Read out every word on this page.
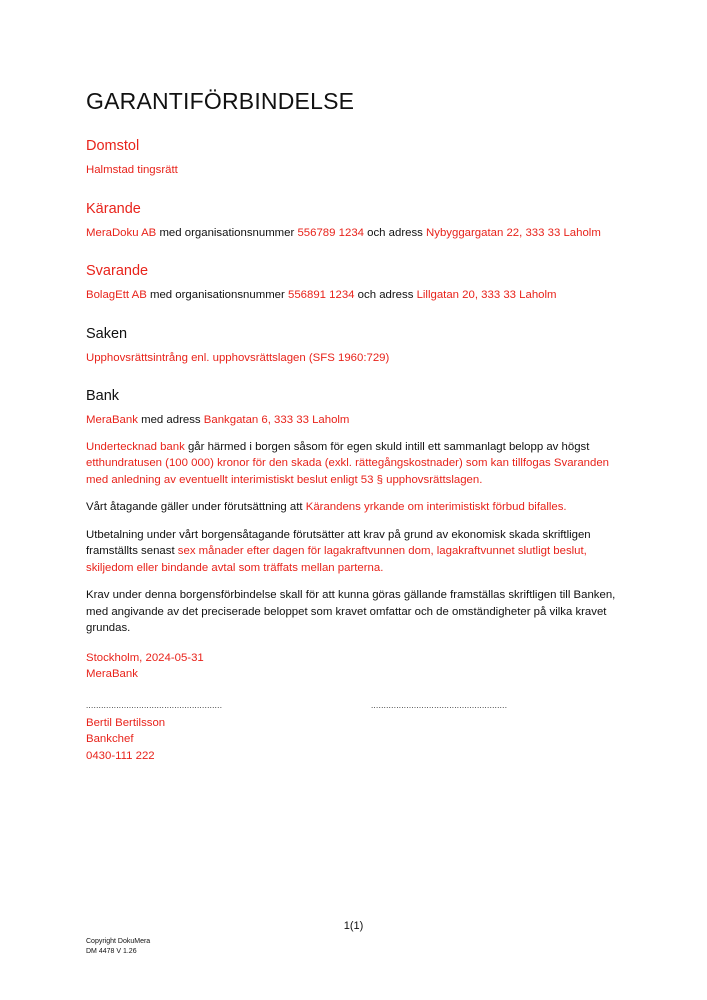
GARANTIFÖRBINDELSE
Domstol

Halmstad tingsrätt

Kärande

MeraDoku AB med organisationsnummer 556789 1234 och adress Nybyggargatan 22, 333 33 Laholm

Svarande

BolagEtt AB med organisationsnummer 556891 1234 och adress Lillgatan 20, 333 33 Laholm

Saken

Upphovsrättsintrång enl. upphovsrättslagen (SFS 1960:729)

Bank

MeraBank med adress Bankgatan 6, 333 33 Laholm

Undertecknad bank går härmed i borgen såsom för egen skuld intill ett sammanlagt belopp av högst etthundratusen (100 000) kronor för den skada (exkl. rättegångskostnader) som kan tillfogas Svaranden med anledning av eventuellt interimistiskt beslut enligt 53 § upphovsrättslagen.

Vårt åtagande gäller under förutsättning att Kärandens yrkande om interimistiskt förbud bifalles.

Utbetalning under vårt borgensåtagande förutsätter att krav på grund av ekonomisk skada skriftligen framställts senast sex månader efter dagen för lagakraftvunnen dom, lagakraftvunnet slutligt beslut, skiljedom eller bindande avtal som träffats mellan parterna.

Krav under denna borgensförbindelse skall för att kunna göras gällande framställas skriftligen till Banken, med angivande av det preciserade beloppet som kravet omfattar och de omständigheter på vilka kravet grundas.

Stockholm, 2024-05-31

MeraBank

......................................................	......................................................

Bertil Bertilsson

Bankchef

0430-111 222

1(1)
Copyright DokuMera
DM 4478 V 1.26
